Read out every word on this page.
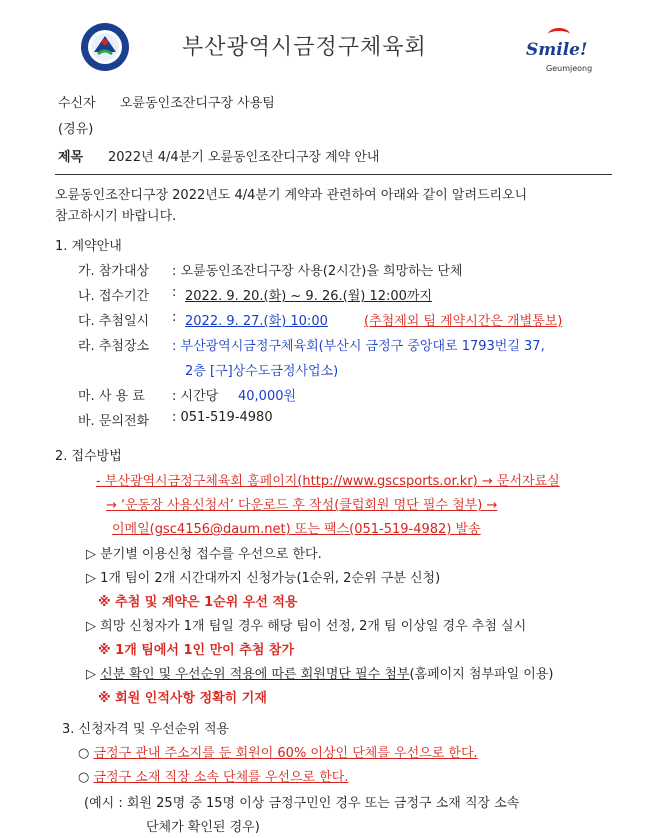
부산광역시금정구체육회	Smile!
Geumjeong
수신자 오륜동인조잔디구장 사용팀
(경유)
제목 2022년 4/4분기 오륜동인조잔디구장 계약 안내
오륜동인조잔디구장 2022년도 4/4분기 계약과 관련하여 아래와 같이 알려드리오니
참고하시기 바랍니다.
1. 계약안내
가. 참가대상 : 오륜동인조잔디구장 사용(2시간)을 희망하는 단체
나. 접수기간 : 2022. 9. 20.(화) ~ 9. 26.(월) 12:00까지
다. 추첨일시 : 2022. 9. 27.(화) 10:00	(추첨제외 팀 계약시간은 개별통보)
라. 추첨장소 : 부산광역시금정구체육회(부산시 금정구 중앙대로 1793번길 37,
2층 [구]상수도금정사업소)
마. 사 용 료 : 시간당 40,000원
바. 문의전화 : 051-519-4980
2. 접수방법
- 부산광역시금정구체육회 홈페이지(http://www.gscsports.or.kr) → 문서자료실
→ ‘운동장 사용신청서’ 다운로드 후 작성(클럽회원 명단 필수 첨부) →
이메일(gsc4156@daum.net) 또는 팩스(051-519-4982) 발송
▷ 분기별 이용신청 접수를 우선으로 한다.
▷ 1개 팀이 2개 시간대까지 신청가능(1순위, 2순위 구분 신청)
※ 추첨 및 계약은 1순위 우선 적용
▷ 희망 신청자가 1개 팀일 경우 해당 팀이 선정, 2개 팀 이상일 경우 추첨 실시
※ 1개 팀에서 1인 만이 추첨 참가
▷ 신분 확인 및 우선순위 적용에 따른 회원명단 필수 첨부(홈페이지 첨부파일 이용)
※ 회원 인적사항 정확히 기재
3. 신청자격 및 우선순위 적용
○ 금정구 관내 주소지를 둔 회원이 60% 이상인 단체를 우선으로 한다.
○ 금정구 소재 직장 소속 단체를 우선으로 한다.
(예시 : 회원 25명 중 15명 이상 금정구민인 경우 또는 금정구 소재 직장 소속
단체가 확인된 경우)
